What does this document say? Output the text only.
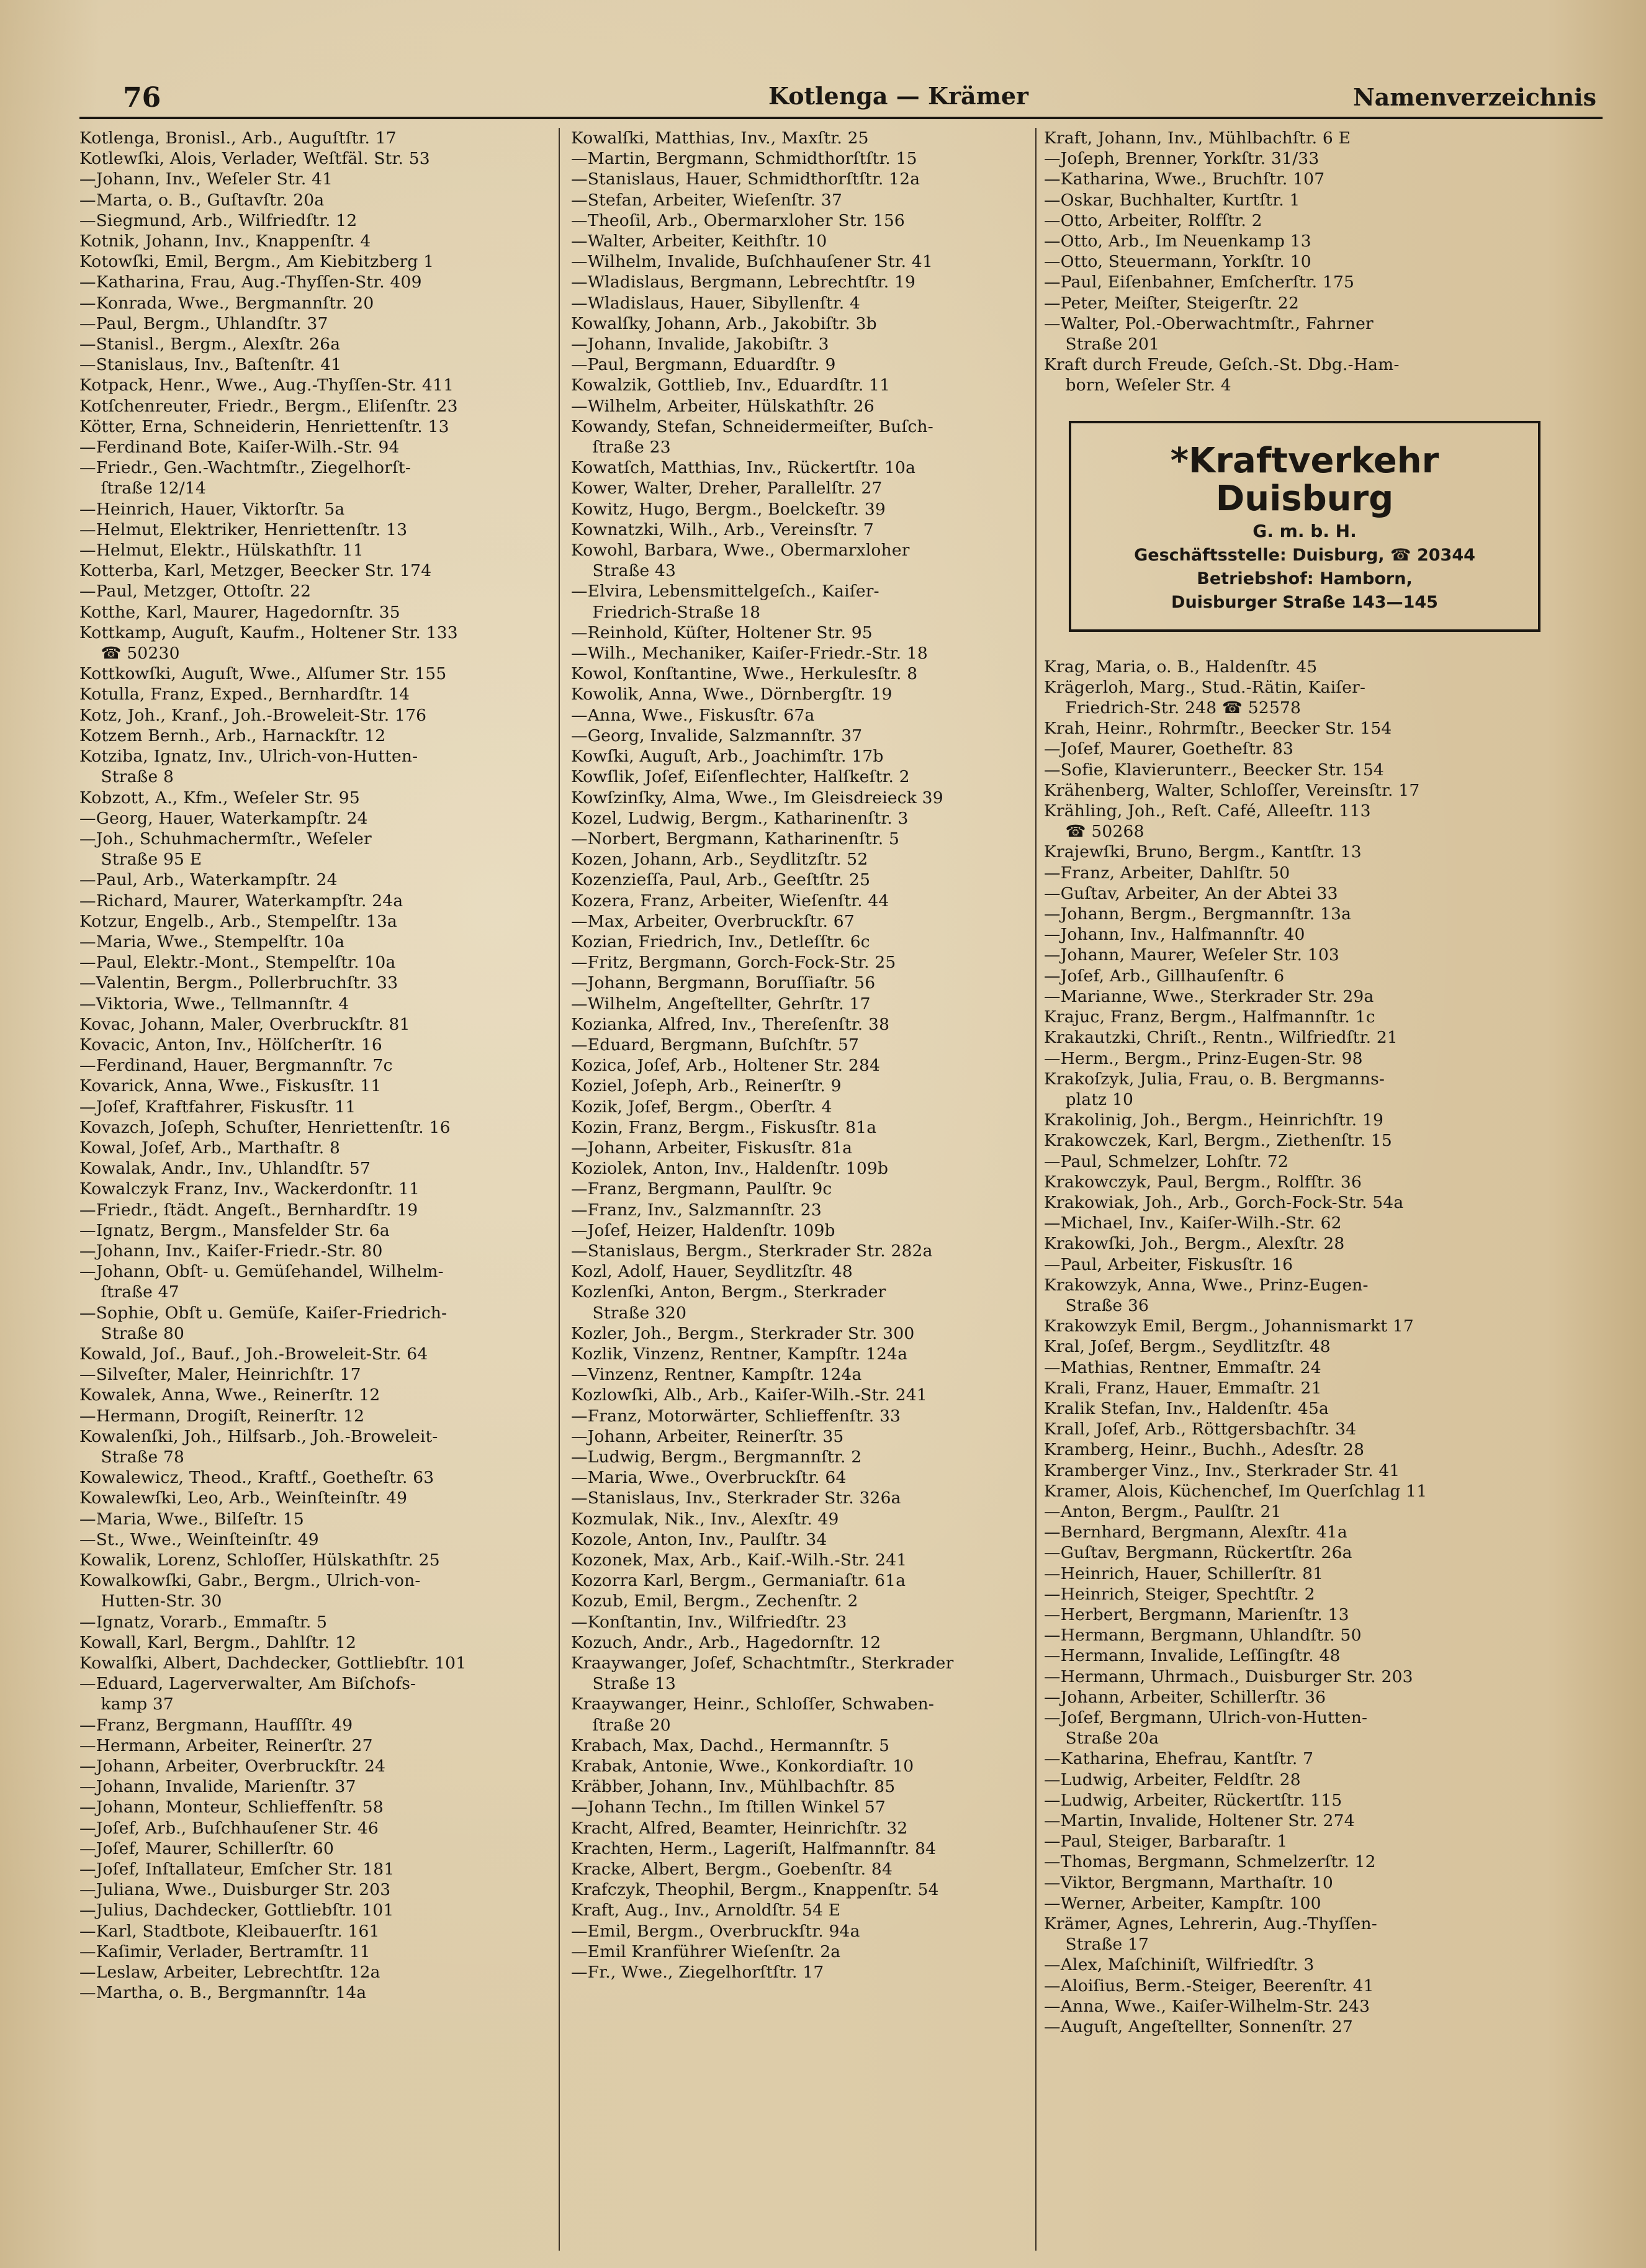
76	Kotlenga — Krämer	Namenverzeichnis
Kotlenga, Bronisl., Arb., Auguſtſtr. 17
Kotlewſki, Alois, Verlader, Weſtfäl. Str. 53
—Johann, Inv., Weſeler Str. 41
—Marta, o. B., Guſtavſtr. 20a
—Siegmund, Arb., Wilfriedſtr. 12
Kotnik, Johann, Inv., Knappenſtr. 4
Kotowſki, Emil, Bergm., Am Kiebitzberg 1
—Katharina, Frau, Aug.-Thyſſen-Str. 409
—Konrada, Wwe., Bergmannſtr. 20
—Paul, Bergm., Uhlandſtr. 37
—Stanisl., Bergm., Alexſtr. 26a
—Stanislaus, Inv., Baſtenſtr. 41
Kotpack, Henr., Wwe., Aug.-Thyſſen-Str. 411
Kotſchenreuter, Friedr., Bergm., Eliſenſtr. 23
Kötter, Erna, Schneiderin, Henriettenſtr. 13
—Ferdinand Bote, Kaiſer-Wilh.-Str. 94
—Friedr., Gen.-Wachtmſtr., Ziegelhorſt-
ſtraße 12/14
—Heinrich, Hauer, Viktorſtr. 5a
—Helmut, Elektriker, Henriettenſtr. 13
—Helmut, Elektr., Hülskathſtr. 11
Kotterba, Karl, Metzger, Beecker Str. 174
—Paul, Metzger, Ottoſtr. 22
Kotthe, Karl, Maurer, Hagedornſtr. 35
Kottkamp, Auguſt, Kaufm., Holtener Str. 133
☎ 50230
Kottkowſki, Auguſt, Wwe., Alſumer Str. 155
Kotulla, Franz, Exped., Bernhardſtr. 14
Kotz, Joh., Kranf., Joh.-Broweleit-Str. 176
Kotzem Bernh., Arb., Harnackſtr. 12
Kotziba, Ignatz, Inv., Ulrich-von-Hutten-
Straße 8
Kobzott, A., Kfm., Weſeler Str. 95
—Georg, Hauer, Waterkampſtr. 24
—Joh., Schuhmachermſtr., Weſeler
Straße 95 E
—Paul, Arb., Waterkampſtr. 24
—Richard, Maurer, Waterkampſtr. 24a
Kotzur, Engelb., Arb., Stempelſtr. 13a
—Maria, Wwe., Stempelſtr. 10a
—Paul, Elektr.-Mont., Stempelſtr. 10a
—Valentin, Bergm., Pollerbruchſtr. 33
—Viktoria, Wwe., Tellmannſtr. 4
Kovac, Johann, Maler, Overbruckſtr. 81
Kovacic, Anton, Inv., Hölſcherſtr. 16
—Ferdinand, Hauer, Bergmannſtr. 7c
Kovarick, Anna, Wwe., Fiskusſtr. 11
—Joſef, Kraftfahrer, Fiskusſtr. 11
Kovazch, Joſeph, Schuſter, Henriettenſtr. 16
Kowal, Joſef, Arb., Marthaſtr. 8
Kowalak, Andr., Inv., Uhlandſtr. 57
Kowalczyk Franz, Inv., Wackerdonſtr. 11
—Friedr., ſtädt. Angeſt., Bernhardſtr. 19
—Ignatz, Bergm., Mansfelder Str. 6a
—Johann, Inv., Kaiſer-Friedr.-Str. 80
—Johann, Obſt- u. Gemüſehandel, Wilhelm-
ſtraße 47
—Sophie, Obſt u. Gemüſe, Kaiſer-Friedrich-
Straße 80
Kowald, Joſ., Bauf., Joh.-Broweleit-Str. 64
—Silveſter, Maler, Heinrichſtr. 17
Kowalek, Anna, Wwe., Reinerſtr. 12
—Hermann, Drogiſt, Reinerſtr. 12
Kowalenſki, Joh., Hilfsarb., Joh.-Broweleit-
Straße 78
Kowalewicz, Theod., Kraftf., Goetheſtr. 63
Kowalewſki, Leo, Arb., Weinſteinſtr. 49
—Maria, Wwe., Bilſeſtr. 15
—St., Wwe., Weinſteinſtr. 49
Kowalik, Lorenz, Schloſſer, Hülskathſtr. 25
Kowalkowſki, Gabr., Bergm., Ulrich-von-
Hutten-Str. 30
—Ignatz, Vorarb., Emmaſtr. 5
Kowall, Karl, Bergm., Dahlſtr. 12
Kowalſki, Albert, Dachdecker, Gottliebſtr. 101
—Eduard, Lagerverwalter, Am Biſchofs-
kamp 37
—Franz, Bergmann, Haufſſtr. 49
—Hermann, Arbeiter, Reinerſtr. 27
—Johann, Arbeiter, Overbruckſtr. 24
—Johann, Invalide, Marienſtr. 37
—Johann, Monteur, Schlieffenſtr. 58
—Joſef, Arb., Buſchhauſener Str. 46
—Joſef, Maurer, Schillerſtr. 60
—Joſef, Inſtallateur, Emſcher Str. 181
—Juliana, Wwe., Duisburger Str. 203
—Julius, Dachdecker, Gottliebſtr. 101
—Karl, Stadtbote, Kleibauerſtr. 161
—Kaſimir, Verlader, Bertramſtr. 11
—Leslaw, Arbeiter, Lebrechtſtr. 12a
—Martha, o. B., Bergmannſtr. 14a
Kowalſki, Matthias, Inv., Maxſtr. 25
—Martin, Bergmann, Schmidthorſtſtr. 15
—Stanislaus, Hauer, Schmidthorſtſtr. 12a
—Stefan, Arbeiter, Wieſenſtr. 37
—Theoſil, Arb., Obermarxloher Str. 156
—Walter, Arbeiter, Keithſtr. 10
—Wilhelm, Invalide, Buſchhauſener Str. 41
—Wladislaus, Bergmann, Lebrechtſtr. 19
—Wladislaus, Hauer, Sibyllenſtr. 4
Kowalſky, Johann, Arb., Jakobiſtr. 3b
—Johann, Invalide, Jakobiſtr. 3
—Paul, Bergmann, Eduardſtr. 9
Kowalzik, Gottlieb, Inv., Eduardſtr. 11
—Wilhelm, Arbeiter, Hülskathſtr. 26
Kowandy, Stefan, Schneidermeiſter, Buſch-
ſtraße 23
Kowatſch, Matthias, Inv., Rückertſtr. 10a
Kower, Walter, Dreher, Parallelſtr. 27
Kowitz, Hugo, Bergm., Boelckeſtr. 39
Kownatzki, Wilh., Arb., Vereinsſtr. 7
Kowohl, Barbara, Wwe., Obermarxloher
Straße 43
—Elvira, Lebensmittelgeſch., Kaiſer-
Friedrich-Straße 18
—Reinhold, Küſter, Holtener Str. 95
—Wilh., Mechaniker, Kaiſer-Friedr.-Str. 18
Kowol, Konſtantine, Wwe., Herkulesſtr. 8
Kowolik, Anna, Wwe., Dörnbergſtr. 19
—Anna, Wwe., Fiskusſtr. 67a
—Georg, Invalide, Salzmannſtr. 37
Kowſki, Auguſt, Arb., Joachimſtr. 17b
Kowſlik, Joſef, Eiſenflechter, Halſkeſtr. 2
Kowſzinſky, Alma, Wwe., Im Gleisdreieck 39
Kozel, Ludwig, Bergm., Katharinenſtr. 3
—Norbert, Bergmann, Katharinenſtr. 5
Kozen, Johann, Arb., Seydlitzſtr. 52
Kozenzieſſa, Paul, Arb., Geeſtſtr. 25
Kozera, Franz, Arbeiter, Wieſenſtr. 44
—Max, Arbeiter, Overbruckſtr. 67
Kozian, Friedrich, Inv., Detleſſtr. 6c
—Fritz, Bergmann, Gorch-Fock-Str. 25
—Johann, Bergmann, Boruſſiaſtr. 56
—Wilhelm, Angeſtellter, Gehrſtr. 17
Kozianka, Alfred, Inv., Thereſenſtr. 38
—Eduard, Bergmann, Buſchſtr. 57
Kozica, Joſef, Arb., Holtener Str. 284
Koziel, Joſeph, Arb., Reinerſtr. 9
Kozik, Joſef, Bergm., Oberſtr. 4
Kozin, Franz, Bergm., Fiskusſtr. 81a
—Johann, Arbeiter, Fiskusſtr. 81a
Koziolek, Anton, Inv., Haldenſtr. 109b
—Franz, Bergmann, Paulſtr. 9c
—Franz, Inv., Salzmannſtr. 23
—Joſef, Heizer, Haldenſtr. 109b
—Stanislaus, Bergm., Sterkrader Str. 282a
Kozl, Adolf, Hauer, Seydlitzſtr. 48
Kozlenſki, Anton, Bergm., Sterkrader
Straße 320
Kozler, Joh., Bergm., Sterkrader Str. 300
Kozlik, Vinzenz, Rentner, Kampſtr. 124a
—Vinzenz, Rentner, Kampſtr. 124a
Kozlowſki, Alb., Arb., Kaiſer-Wilh.-Str. 241
—Franz, Motorwärter, Schlieffenſtr. 33
—Johann, Arbeiter, Reinerſtr. 35
—Ludwig, Bergm., Bergmannſtr. 2
—Maria, Wwe., Overbruckſtr. 64
—Stanislaus, Inv., Sterkrader Str. 326a
Kozmulak, Nik., Inv., Alexſtr. 49
Kozole, Anton, Inv., Paulſtr. 34
Kozonek, Max, Arb., Kaiſ.-Wilh.-Str. 241
Kozorra Karl, Bergm., Germaniaſtr. 61a
Kozub, Emil, Bergm., Zechenſtr. 2
—Konſtantin, Inv., Wilfriedſtr. 23
Kozuch, Andr., Arb., Hagedornſtr. 12
Kraaywanger, Joſef, Schachtmſtr., Sterkrader
Straße 13
Kraaywanger, Heinr., Schloſſer, Schwaben-
ſtraße 20
Krabach, Max, Dachd., Hermannſtr. 5
Krabak, Antonie, Wwe., Konkordiaſtr. 10
Kräbber, Johann, Inv., Mühlbachſtr. 85
—Johann Techn., Im ſtillen Winkel 57
Kracht, Alfred, Beamter, Heinrichſtr. 32
Krachten, Herm., Lageriſt, Halfmannſtr. 84
Kracke, Albert, Bergm., Goebenſtr. 84
Krafczyk, Theophil, Bergm., Knappenſtr. 54
Kraft, Aug., Inv., Arnoldſtr. 54 E
—Emil, Bergm., Overbruckſtr. 94a
—Emil Kranführer Wieſenſtr. 2a
—Fr., Wwe., Ziegelhorſtſtr. 17
Kraft, Johann, Inv., Mühlbachſtr. 6 E
—Joſeph, Brenner, Yorkſtr. 31/33
—Katharina, Wwe., Bruchſtr. 107
—Oskar, Buchhalter, Kurtſtr. 1
—Otto, Arbeiter, Rolfſtr. 2
—Otto, Arb., Im Neuenkamp 13
—Otto, Steuermann, Yorkſtr. 10
—Paul, Eiſenbahner, Emſcherſtr. 175
—Peter, Meiſter, Steigerſtr. 22
—Walter, Pol.-Oberwachtmſtr., Fahrner
Straße 201
Kraft durch Freude, Geſch.-St. Dbg.-Ham-
born, Weſeler Str. 4
*Kraftverkehr
Duisburg
G. m. b. H.
Geschäftsstelle: Duisburg, ☎ 20344
Betriebshof: Hamborn,
Duisburger Straße 143—145
Krag, Maria, o. B., Haldenſtr. 45
Krägerloh, Marg., Stud.-Rätin, Kaiſer-
Friedrich-Str. 248 ☎ 52578
Krah, Heinr., Rohrmſtr., Beecker Str. 154
—Joſef, Maurer, Goetheſtr. 83
—Sofie, Klavierunterr., Beecker Str. 154
Krähenberg, Walter, Schloſſer, Vereinsſtr. 17
Krähling, Joh., Reſt. Café, Alleeſtr. 113
☎ 50268
Krajewſki, Bruno, Bergm., Kantſtr. 13
—Franz, Arbeiter, Dahlſtr. 50
—Guſtav, Arbeiter, An der Abtei 33
—Johann, Bergm., Bergmannſtr. 13a
—Johann, Inv., Halfmannſtr. 40
—Johann, Maurer, Weſeler Str. 103
—Joſef, Arb., Gillhauſenſtr. 6
—Marianne, Wwe., Sterkrader Str. 29a
Krajuc, Franz, Bergm., Halfmannſtr. 1c
Krakautzki, Chriſt., Rentn., Wilfriedſtr. 21
—Herm., Bergm., Prinz-Eugen-Str. 98
Krakoſzyk, Julia, Frau, o. B. Bergmanns-
platz 10
Krakolinig, Joh., Bergm., Heinrichſtr. 19
Krakowczek, Karl, Bergm., Ziethenſtr. 15
—Paul, Schmelzer, Lohſtr. 72
Krakowczyk, Paul, Bergm., Rolfſtr. 36
Krakowiak, Joh., Arb., Gorch-Fock-Str. 54a
—Michael, Inv., Kaiſer-Wilh.-Str. 62
Krakowſki, Joh., Bergm., Alexſtr. 28
—Paul, Arbeiter, Fiskusſtr. 16
Krakowzyk, Anna, Wwe., Prinz-Eugen-
Straße 36
Krakowzyk Emil, Bergm., Johannismarkt 17
Kral, Joſef, Bergm., Seydlitzſtr. 48
—Mathias, Rentner, Emmaſtr. 24
Krali, Franz, Hauer, Emmaſtr. 21
Kralik Stefan, Inv., Haldenſtr. 45a
Krall, Joſef, Arb., Röttgersbachſtr. 34
Kramberg, Heinr., Buchh., Adesſtr. 28
Kramberger Vinz., Inv., Sterkrader Str. 41
Kramer, Alois, Küchenchef, Im Querſchlag 11
—Anton, Bergm., Paulſtr. 21
—Bernhard, Bergmann, Alexſtr. 41a
—Guſtav, Bergmann, Rückertſtr. 26a
—Heinrich, Hauer, Schillerſtr. 81
—Heinrich, Steiger, Spechtſtr. 2
—Herbert, Bergmann, Marienſtr. 13
—Hermann, Bergmann, Uhlandſtr. 50
—Hermann, Invalide, Leſſingſtr. 48
—Hermann, Uhrmach., Duisburger Str. 203
—Johann, Arbeiter, Schillerſtr. 36
—Joſef, Bergmann, Ulrich-von-Hutten-
Straße 20a
—Katharina, Ehefrau, Kantſtr. 7
—Ludwig, Arbeiter, Feldſtr. 28
—Ludwig, Arbeiter, Rückertſtr. 115
—Martin, Invalide, Holtener Str. 274
—Paul, Steiger, Barbaraſtr. 1
—Thomas, Bergmann, Schmelzerſtr. 12
—Viktor, Bergmann, Marthaſtr. 10
—Werner, Arbeiter, Kampſtr. 100
Krämer, Agnes, Lehrerin, Aug.-Thyſſen-
Straße 17
—Alex, Maſchiniſt, Wilfriedſtr. 3
—Aloiſius, Berm.-Steiger, Beerenſtr. 41
—Anna, Wwe., Kaiſer-Wilhelm-Str. 243
—Auguſt, Angeſtellter, Sonnenſtr. 27
